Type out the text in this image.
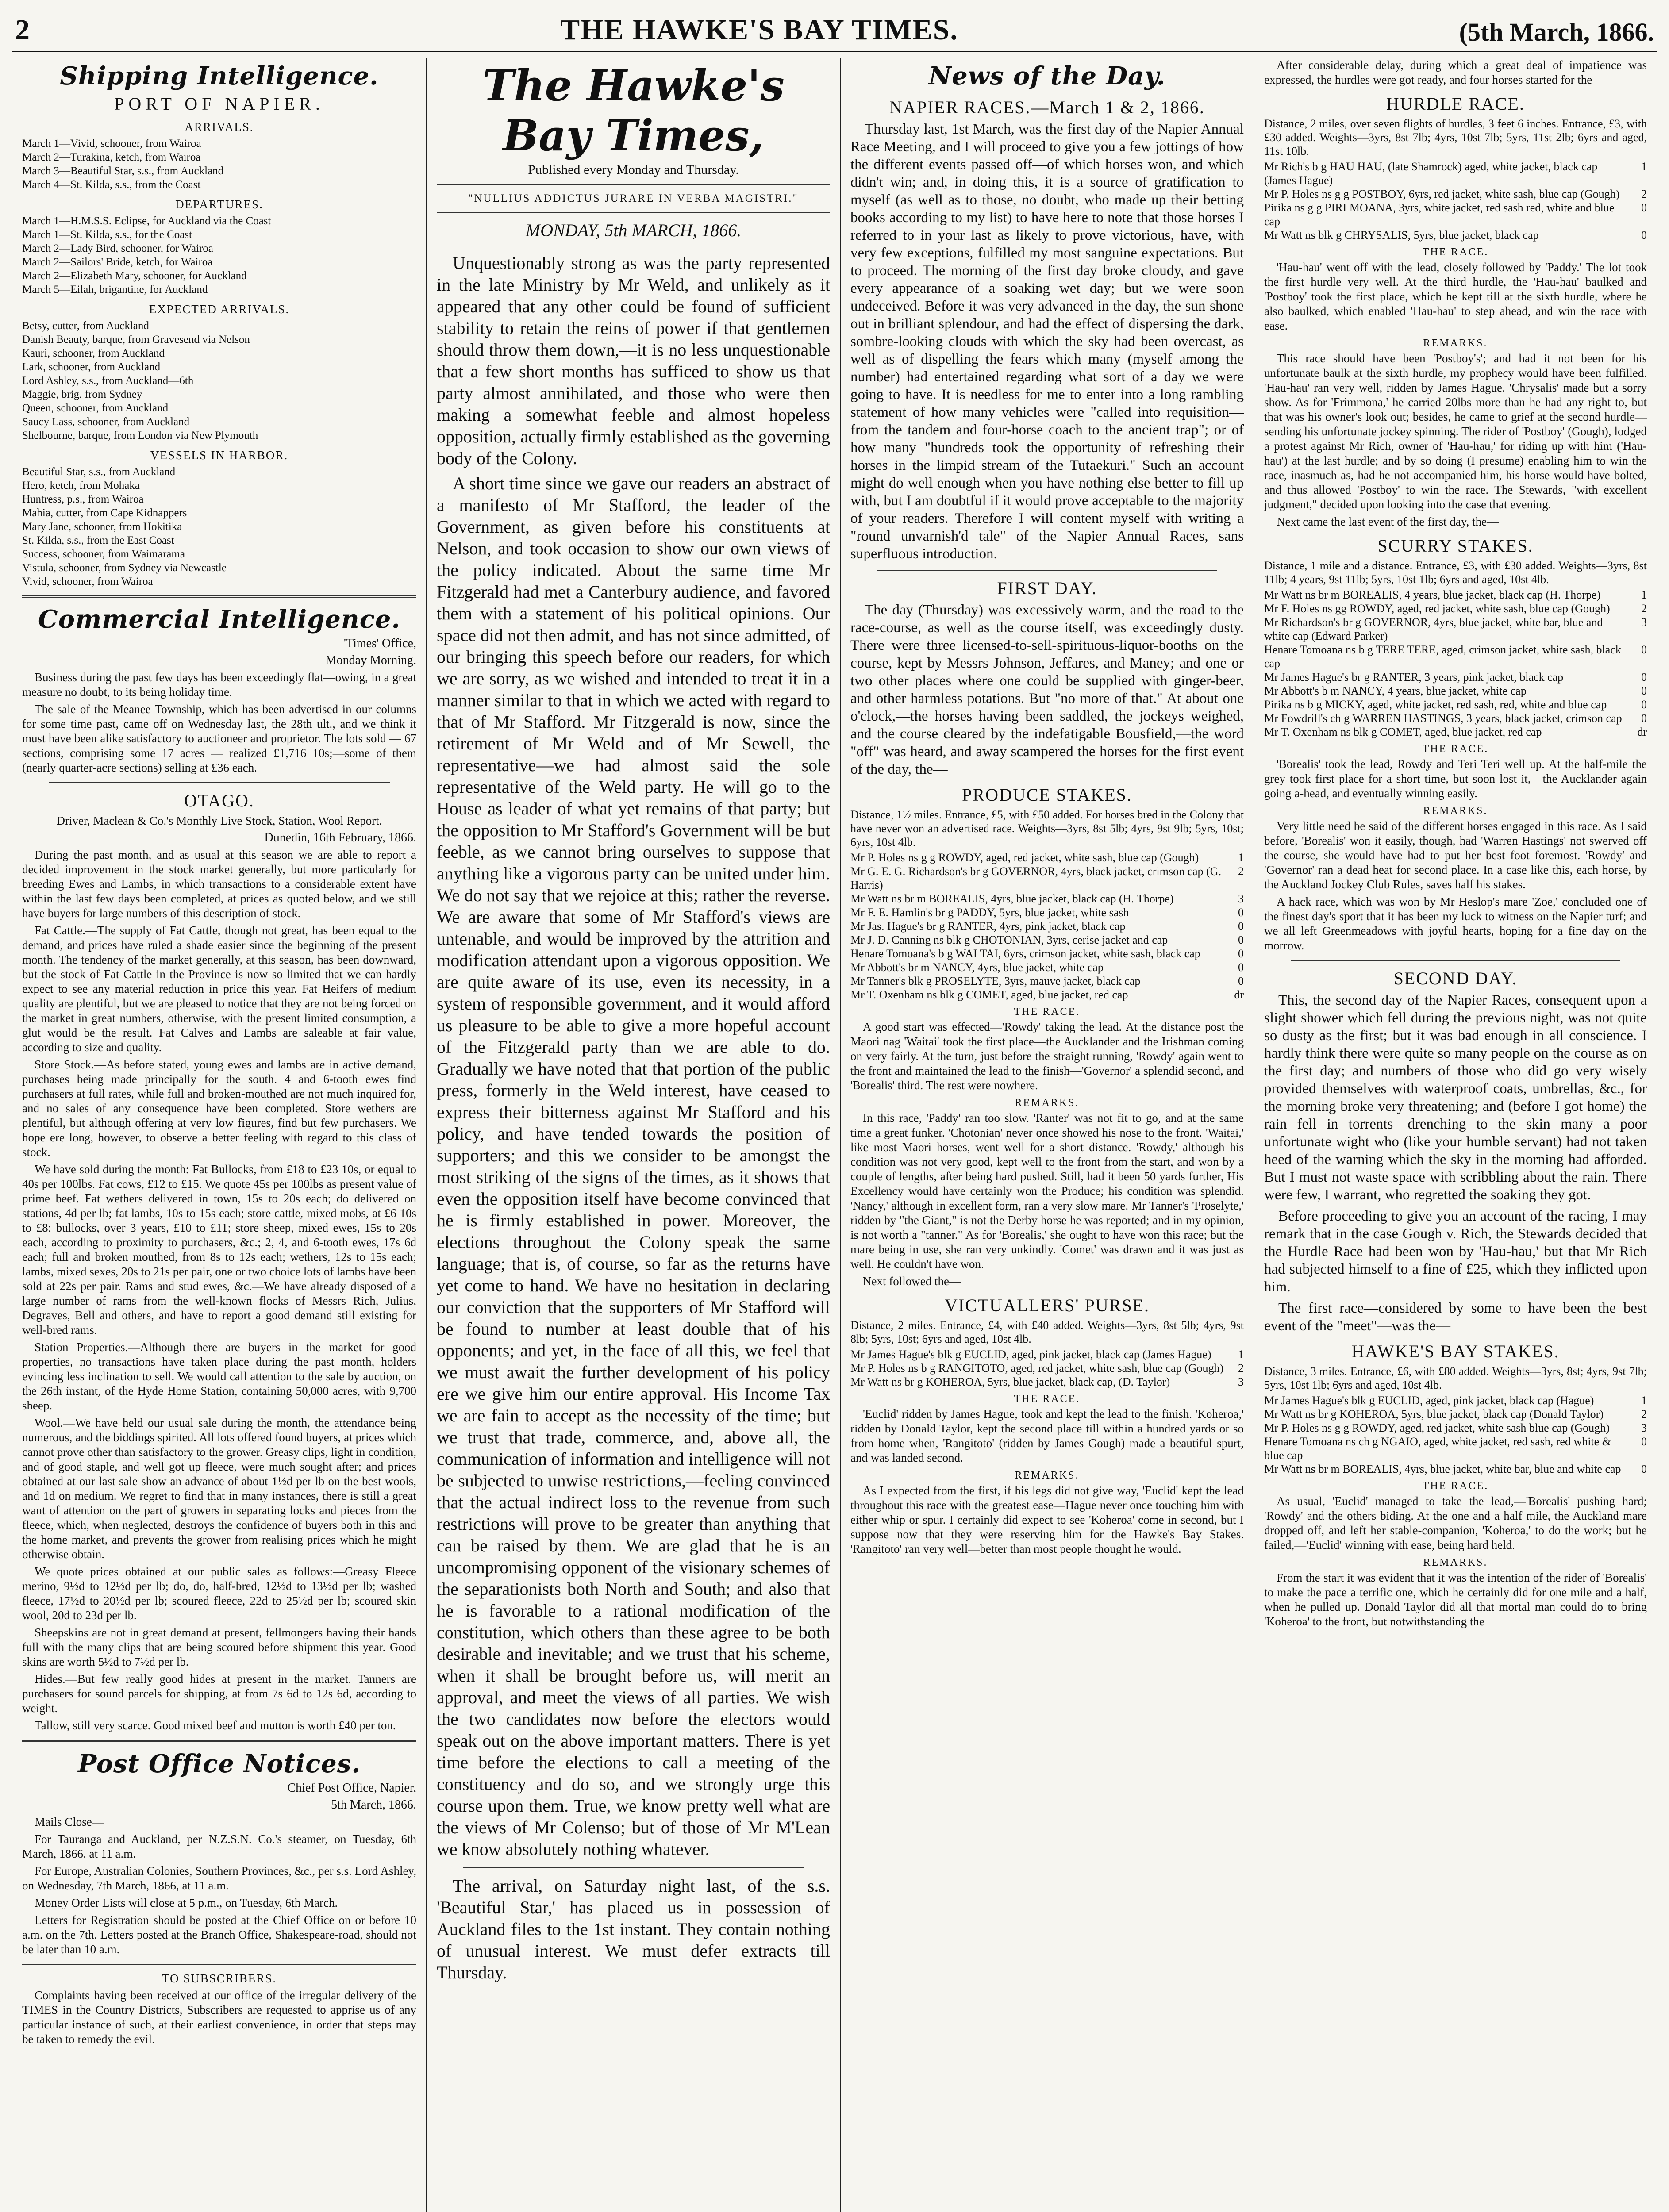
2	THE HAWKE'S BAY TIMES.	(5th March, 1866.
Shipping Intelligence.
PORT OF NAPIER.
ARRIVALS.

March 1—Vivid, schooner, from Wairoa

March 2—Turakina, ketch, from Wairoa

March 3—Beautiful Star, s.s., from Auckland

March 4—St. Kilda, s.s., from the Coast

DEPARTURES.

March 1—H.M.S.S. Eclipse, for Auckland via the Coast

March 1—St. Kilda, s.s., for the Coast

March 2—Lady Bird, schooner, for Wairoa

March 2—Sailors' Bride, ketch, for Wairoa

March 2—Elizabeth Mary, schooner, for Auckland

March 5—Eilah, brigantine, for Auckland

EXPECTED ARRIVALS.

Betsy, cutter, from Auckland

Danish Beauty, barque, from Gravesend via Nelson

Kauri, schooner, from Auckland

Lark, schooner, from Auckland

Lord Ashley, s.s., from Auckland—6th

Maggie, brig, from Sydney

Queen, schooner, from Auckland

Saucy Lass, schooner, from Auckland

Shelbourne, barque, from London via New Plymouth

VESSELS IN HARBOR.

Beautiful Star, s.s., from Auckland

Hero, ketch, from Mohaka

Huntress, p.s., from Wairoa

Mahia, cutter, from Cape Kidnappers

Mary Jane, schooner, from Hokitika

St. Kilda, s.s., from the East Coast

Success, schooner, from Waimarama

Vistula, schooner, from Sydney via Newcastle

Vivid, schooner, from Wairoa

Commercial Intelligence.

'Times' Office,

Monday Morning.

Business during the past few days has been exceedingly flat—owing, in a great measure no doubt, to its being holiday time.

The sale of the Meanee Township, which has been advertised in our columns for some time past, came off on Wednesday last, the 28th ult., and we think it must have been alike satisfactory to auctioneer and proprietor. The lots sold — 67 sections, comprising some 17 acres — realized £1,716 10s;—some of them (nearly quarter-acre sections) selling at £36 each.

OTAGO.

Driver, Maclean & Co.'s Monthly Live Stock, Station, Wool Report.

Dunedin, 16th February, 1866.

During the past month, and as usual at this season we are able to report a decided improvement in the stock market generally, but more particularly for breeding Ewes and Lambs, in which transactions to a considerable extent have within the last few days been completed, at prices as quoted below, and we still have buyers for large numbers of this description of stock.

Fat Cattle.—The supply of Fat Cattle, though not great, has been equal to the demand, and prices have ruled a shade easier since the beginning of the present month. The tendency of the market generally, at this season, has been downward, but the stock of Fat Cattle in the Province is now so limited that we can hardly expect to see any material reduction in price this year. Fat Heifers of medium quality are plentiful, but we are pleased to notice that they are not being forced on the market in great numbers, otherwise, with the present limited consumption, a glut would be the result. Fat Calves and Lambs are saleable at fair value, according to size and quality.

Store Stock.—As before stated, young ewes and lambs are in active demand, purchases being made principally for the south. 4 and 6-tooth ewes find purchasers at full rates, while full and broken-mouthed are not much inquired for, and no sales of any consequence have been completed. Store wethers are plentiful, but although offering at very low figures, find but few purchasers. We hope ere long, however, to observe a better feeling with regard to this class of stock.

We have sold during the month: Fat Bullocks, from £18 to £23 10s, or equal to 40s per 100lbs. Fat cows, £12 to £15. We quote 45s per 100lbs as present value of prime beef. Fat wethers delivered in town, 15s to 20s each; do delivered on stations, 4d per lb; fat lambs, 10s to 15s each; store cattle, mixed mobs, at £6 10s to £8; bullocks, over 3 years, £10 to £11; store sheep, mixed ewes, 15s to 20s each, according to proximity to purchasers, &c.; 2, 4, and 6-tooth ewes, 17s 6d each; full and broken mouthed, from 8s to 12s each; wethers, 12s to 15s each; lambs, mixed sexes, 20s to 21s per pair, one or two choice lots of lambs have been sold at 22s per pair. Rams and stud ewes, &c.—We have already disposed of a large number of rams from the well-known flocks of Messrs Rich, Julius, Degraves, Bell and others, and have to report a good demand still existing for well-bred rams.

Station Properties.—Although there are buyers in the market for good properties, no transactions have taken place during the past month, holders evincing less inclination to sell. We would call attention to the sale by auction, on the 26th instant, of the Hyde Home Station, containing 50,000 acres, with 9,700 sheep.

Wool.—We have held our usual sale during the month, the attendance being numerous, and the biddings spirited. All lots offered found buyers, at prices which cannot prove other than satisfactory to the grower. Greasy clips, light in condition, and of good staple, and well got up fleece, were much sought after; and prices obtained at our last sale show an advance of about 1½d per lb on the best wools, and 1d on medium. We regret to find that in many instances, there is still a great want of attention on the part of growers in separating locks and pieces from the fleece, which, when neglected, destroys the confidence of buyers both in this and the home market, and prevents the grower from realising prices which he might otherwise obtain.

We quote prices obtained at our public sales as follows:—Greasy Fleece merino, 9½d to 12½d per lb; do, do, half-bred, 12½d to 13½d per lb; washed fleece, 17½d to 20½d per lb; scoured fleece, 22d to 25½d per lb; scoured skin wool, 20d to 23d per lb.

Sheepskins are not in great demand at present, fellmongers having their hands full with the many clips that are being scoured before shipment this year. Good skins are worth 5½d to 7½d per lb.

Hides.—But few really good hides at present in the market. Tanners are purchasers for sound parcels for shipping, at from 7s 6d to 12s 6d, according to weight.

Tallow, still very scarce. Good mixed beef and mutton is worth £40 per ton.

Post Office Notices.

Chief Post Office, Napier,

5th March, 1866.

Mails Close—

For Tauranga and Auckland, per N.Z.S.N. Co.'s steamer, on Tuesday, 6th March, 1866, at 11 a.m.

For Europe, Australian Colonies, Southern Provinces, &c., per s.s. Lord Ashley, on Wednesday, 7th March, 1866, at 11 a.m.

Money Order Lists will close at 5 p.m., on Tuesday, 6th March.

Letters for Registration should be posted at the Chief Office on or before 10 a.m. on the 7th. Letters posted at the Branch Office, Shakespeare-road, should not be later than 10 a.m.

TO SUBSCRIBERS.

Complaints having been received at our office of the irregular delivery of the TIMES in the Country Districts, Subscribers are requested to apprise us of any particular instance of such, at their earliest convenience, in order that steps may be taken to remedy the evil.

The Hawke's Bay Times,
Published every Monday and Thursday.
"NULLIUS ADDICTUS JURARE IN VERBA MAGISTRI."
MONDAY, 5th MARCH, 1866.

Unquestionably strong as was the party represented in the late Ministry by Mr Weld, and unlikely as it appeared that any other could be found of sufficient stability to retain the reins of power if that gentlemen should throw them down,—it is no less unquestionable that a few short months has sufficed to show us that party almost annihilated, and those who were then making a somewhat feeble and almost hopeless opposition, actually firmly established as the governing body of the Colony.

A short time since we gave our readers an abstract of a manifesto of Mr Stafford, the leader of the Government, as given before his constituents at Nelson, and took occasion to show our own views of the policy indicated. About the same time Mr Fitzgerald had met a Canterbury audience, and favored them with a statement of his political opinions. Our space did not then admit, and has not since admitted, of our bringing this speech before our readers, for which we are sorry, as we wished and intended to treat it in a manner similar to that in which we acted with regard to that of Mr Stafford. Mr Fitzgerald is now, since the retirement of Mr Weld and of Mr Sewell, the representative—we had almost said the sole representative of the Weld party. He will go to the House as leader of what yet remains of that party; but the opposition to Mr Stafford's Government will be but feeble, as we cannot bring ourselves to suppose that anything like a vigorous party can be united under him. We do not say that we rejoice at this; rather the reverse. We are aware that some of Mr Stafford's views are untenable, and would be improved by the attrition and modification attendant upon a vigorous opposition. We are quite aware of its use, even its necessity, in a system of responsible government, and it would afford us pleasure to be able to give a more hopeful account of the Fitzgerald party than we are able to do. Gradually we have noted that that portion of the public press, formerly in the Weld interest, have ceased to express their bitterness against Mr Stafford and his policy, and have tended towards the position of supporters; and this we consider to be amongst the most striking of the signs of the times, as it shows that even the opposition itself have become convinced that he is firmly established in power. Moreover, the elections throughout the Colony speak the same language; that is, of course, so far as the returns have yet come to hand. We have no hesitation in declaring our conviction that the supporters of Mr Stafford will be found to number at least double that of his opponents; and yet, in the face of all this, we feel that we must await the further development of his policy ere we give him our entire approval. His Income Tax we are fain to accept as the necessity of the time; but we trust that trade, commerce, and, above all, the communication of information and intelligence will not be subjected to unwise restrictions,—feeling convinced that the actual indirect loss to the revenue from such restrictions will prove to be greater than anything that can be raised by them. We are glad that he is an uncompromising opponent of the visionary schemes of the separationists both North and South; and also that he is favorable to a rational modification of the constitution, which others than these agree to be both desirable and inevitable; and we trust that his scheme, when it shall be brought before us, will merit an approval, and meet the views of all parties. We wish the two candidates now before the electors would speak out on the above important matters. There is yet time before the elections to call a meeting of the constituency and do so, and we strongly urge this course upon them. True, we know pretty well what are the views of Mr Colenso; but of those of Mr M'Lean we know absolutely nothing whatever.

The arrival, on Saturday night last, of the s.s. 'Beautiful Star,' has placed us in possession of Auckland files to the 1st instant. They contain nothing of unusual interest. We must defer extracts till Thursday.

News of the Day.
NAPIER RACES.—March 1 & 2, 1866.

Thursday last, 1st March, was the first day of the Napier Annual Race Meeting, and I will proceed to give you a few jottings of how the different events passed off—of which horses won, and which didn't win; and, in doing this, it is a source of gratification to myself (as well as to those, no doubt, who made up their betting books according to my list) to have here to note that those horses I referred to in your last as likely to prove victorious, have, with very few exceptions, fulfilled my most sanguine expectations. But to proceed. The morning of the first day broke cloudy, and gave every appearance of a soaking wet day; but we were soon undeceived. Before it was very advanced in the day, the sun shone out in brilliant splendour, and had the effect of dispersing the dark, sombre-looking clouds with which the sky had been overcast, as well as of dispelling the fears which many (myself among the number) had entertained regarding what sort of a day we were going to have. It is needless for me to enter into a long rambling statement of how many vehicles were "called into requisition—from the tandem and four-horse coach to the ancient trap"; or of how many "hundreds took the opportunity of refreshing their horses in the limpid stream of the Tutaekuri." Such an account might do well enough when you have nothing else better to fill up with, but I am doubtful if it would prove acceptable to the majority of your readers. Therefore I will content myself with writing a "round unvarnish'd tale" of the Napier Annual Races, sans superfluous introduction.

FIRST DAY.

The day (Thursday) was excessively warm, and the road to the race-course, as well as the course itself, was exceedingly dusty. There were three licensed-to-sell-spirituous-liquor-booths on the course, kept by Messrs Johnson, Jeffares, and Maney; and one or two other places where one could be supplied with ginger-beer, and other harmless potations. But "no more of that." At about one o'clock,—the horses having been saddled, the jockeys weighed, and the course cleared by the indefatigable Bousfield,—the word "off" was heard, and away scampered the horses for the first event of the day, the—

PRODUCE STAKES.

Distance, 1½ miles. Entrance, £5, with £50 added. For horses bred in the Colony that have never won an advertised race. Weights—3yrs, 8st 5lb; 4yrs, 9st 9lb; 5yrs, 10st; 6yrs, 10st 4lb.

Mr P. Holes ns g g ROWDY, aged, red jacket, white sash, blue cap (Gough)	1
Mr G. E. G. Richardson's br g GOVERNOR, 4yrs, black jacket, crimson cap (G. Harris)
2
Mr Watt ns br m BOREALIS, 4yrs, blue jacket, black cap (H. Thorpe)	3
Mr F. E. Hamlin's br g PADDY, 5yrs, blue jacket, white sash	0
Mr Jas. Hague's br g RANTER, 4yrs, pink jacket, black cap	0
Mr J. D. Canning ns blk g CHOTONIAN, 3yrs, cerise jacket and cap	0
Henare Tomoana's b g WAI TAI, 6yrs, crimson jacket, white sash, black cap	0
Mr Abbott's br m NANCY, 4yrs, blue jacket, white cap	0
Mr Tanner's blk g PROSELYTE, 3yrs, mauve jacket, black cap	0
Mr T. Oxenham ns blk g COMET, aged, blue jacket, red cap	dr
THE RACE.

A good start was effected—'Rowdy' taking the lead. At the distance post the Maori nag 'Waitai' took the first place—the Aucklander and the Irishman coming on very fairly. At the turn, just before the straight running, 'Rowdy' again went to the front and maintained the lead to the finish—'Governor' a splendid second, and 'Borealis' third. The rest were nowhere.

REMARKS.

In this race, 'Paddy' ran too slow. 'Ranter' was not fit to go, and at the same time a great funker. 'Chotonian' never once showed his nose to the front. 'Waitai,' like most Maori horses, went well for a short distance. 'Rowdy,' although his condition was not very good, kept well to the front from the start, and won by a couple of lengths, after being hard pushed. Still, had it been 50 yards further, His Excellency would have certainly won the Produce; his condition was splendid. 'Nancy,' although in excellent form, ran a very slow mare. Mr Tanner's 'Proselyte,' ridden by "the Giant," is not the Derby horse he was reported; and in my opinion, is not worth a "tanner." As for 'Borealis,' she ought to have won this race; but the mare being in use, she ran very unkindly. 'Comet' was drawn and it was just as well. He couldn't have won.

Next followed the—

VICTUALLERS' PURSE.

Distance, 2 miles. Entrance, £4, with £40 added. Weights—3yrs, 8st 5lb; 4yrs, 9st 8lb; 5yrs, 10st; 6yrs and aged, 10st 4lb.

Mr James Hague's blk g EUCLID, aged, pink jacket, black cap (James Hague)	1
Mr P. Holes ns b g RANGITOTO, aged, red jacket, white sash, blue cap (Gough)	2
Mr Watt ns br g KOHEROA, 5yrs, blue jacket, black cap, (D. Taylor)	3
THE RACE.

'Euclid' ridden by James Hague, took and kept the lead to the finish. 'Koheroa,' ridden by Donald Taylor, kept the second place till within a hundred yards or so from home when, 'Rangitoto' (ridden by James Gough) made a beautiful spurt, and was landed second.

REMARKS.

As I expected from the first, if his legs did not give way, 'Euclid' kept the lead throughout this race with the greatest ease—Hague never once touching him with either whip or spur. I certainly did expect to see 'Koheroa' come in second, but I suppose now that they were reserving him for the Hawke's Bay Stakes. 'Rangitoto' ran very well—better than most people thought he would.

After considerable delay, during which a great deal of impatience was expressed, the hurdles were got ready, and four horses started for the—

HURDLE RACE.

Distance, 2 miles, over seven flights of hurdles, 3 feet 6 inches. Entrance, £3, with £30 added. Weights—3yrs, 8st 7lb; 4yrs, 10st 7lb; 5yrs, 11st 2lb; 6yrs and aged, 11st 10lb.

Mr Rich's b g HAU HAU, (late Shamrock) aged, white jacket, black cap (James Hague)
1
Mr P. Holes ns g g POSTBOY, 6yrs, red jacket, white sash, blue cap (Gough)	2
Pirika ns g g PIRI MOANA, 3yrs, white jacket, red sash red, white and blue cap
0
Mr Watt ns blk g CHRYSALIS, 5yrs, blue jacket, black cap	0
THE RACE.

'Hau-hau' went off with the lead, closely followed by 'Paddy.' The lot took the first hurdle very well. At the third hurdle, the 'Hau-hau' baulked and 'Postboy' took the first place, which he kept till at the sixth hurdle, where he also baulked, which enabled 'Hau-hau' to step ahead, and win the race with ease.

REMARKS.

This race should have been 'Postboy's'; and had it not been for his unfortunate baulk at the sixth hurdle, my prophecy would have been fulfilled. 'Hau-hau' ran very well, ridden by James Hague. 'Chrysalis' made but a sorry show. As for 'Frimmona,' he carried 20lbs more than he had any right to, but that was his owner's look out; besides, he came to grief at the second hurdle—sending his unfortunate jockey spinning. The rider of 'Postboy' (Gough), lodged a protest against Mr Rich, owner of 'Hau-hau,' for riding up with him ('Hau-hau') at the last hurdle; and by so doing (I presume) enabling him to win the race, inasmuch as, had he not accompanied him, his horse would have bolted, and thus allowed 'Postboy' to win the race. The Stewards, "with excellent judgment," decided upon looking into the case that evening.

Next came the last event of the first day, the—

SCURRY STAKES.

Distance, 1 mile and a distance. Entrance, £3, with £30 added. Weights—3yrs, 8st 11lb; 4 years, 9st 11lb; 5yrs, 10st 1lb; 6yrs and aged, 10st 4lb.

Mr Watt ns br m BOREALIS, 4 years, blue jacket, black cap (H. Thorpe)	1
Mr F. Holes ns gg ROWDY, aged, red jacket, white sash, blue cap (Gough)	2
Mr Richardson's br g GOVERNOR, 4yrs, blue jacket, white bar, blue and white cap (Edward Parker)
3
Henare Tomoana ns b g TERE TERE, aged, crimson jacket, white sash, black cap
0
Mr James Hague's br g RANTER, 3 years, pink jacket, black cap	0
Mr Abbott's b m NANCY, 4 years, blue jacket, white cap	0
Pirika ns b g MICKY, aged, white jacket, red sash, red, white and blue cap	0
Mr Fowdrill's ch g WARREN HASTINGS, 3 years, black jacket, crimson cap	0
Mr T. Oxenham ns blk g COMET, aged, blue jacket, red cap	dr
THE RACE.

'Borealis' took the lead, Rowdy and Teri Teri well up. At the half-mile the grey took first place for a short time, but soon lost it,—the Aucklander again going a-head, and eventually winning easily.

REMARKS.

Very little need be said of the different horses engaged in this race. As I said before, 'Borealis' won it easily, though, had 'Warren Hastings' not swerved off the course, she would have had to put her best foot foremost. 'Rowdy' and 'Governor' ran a dead heat for second place. In a case like this, each horse, by the Auckland Jockey Club Rules, saves half his stakes.

A hack race, which was won by Mr Heslop's mare 'Zoe,' concluded one of the finest day's sport that it has been my luck to witness on the Napier turf; and we all left Greenmeadows with joyful hearts, hoping for a fine day on the morrow.

SECOND DAY.

This, the second day of the Napier Races, consequent upon a slight shower which fell during the previous night, was not quite so dusty as the first; but it was bad enough in all conscience. I hardly think there were quite so many people on the course as on the first day; and numbers of those who did go very wisely provided themselves with waterproof coats, umbrellas, &c., for the morning broke very threatening; and (before I got home) the rain fell in torrents—drenching to the skin many a poor unfortunate wight who (like your humble servant) had not taken heed of the warning which the sky in the morning had afforded. But I must not waste space with scribbling about the rain. There were few, I warrant, who regretted the soaking they got.

Before proceeding to give you an account of the racing, I may remark that in the case Gough v. Rich, the Stewards decided that the Hurdle Race had been won by 'Hau-hau,' but that Mr Rich had subjected himself to a fine of £25, which they inflicted upon him.

The first race—considered by some to have been the best event of the "meet"—was the—

HAWKE'S BAY STAKES.

Distance, 3 miles. Entrance, £6, with £80 added. Weights—3yrs, 8st; 4yrs, 9st 7lb; 5yrs, 10st 1lb; 6yrs and aged, 10st 4lb.

Mr James Hague's blk g EUCLID, aged, pink jacket, black cap (Hague)	1
Mr Watt ns br g KOHEROA, 5yrs, blue jacket, black cap (Donald Taylor)	2
Mr P. Holes ns g g ROWDY, aged, red jacket, white sash blue cap (Gough)	3
Henare Tomoana ns ch g NGAIO, aged, white jacket, red sash, red white & blue cap
0
Mr Watt ns br m BOREALIS, 4yrs, blue jacket, white bar, blue and white cap	0
THE RACE.

As usual, 'Euclid' managed to take the lead,—'Borealis' pushing hard; 'Rowdy' and the others biding. At the one and a half mile, the Auckland mare dropped off, and left her stable-companion, 'Koheroa,' to do the work; but he failed,—'Euclid' winning with ease, being hard held.

REMARKS.

From the start it was evident that it was the intention of the rider of 'Borealis' to make the pace a terrific one, which he certainly did for one mile and a half, when he pulled up. Donald Taylor did all that mortal man could do to bring 'Koheroa' to the front, but notwithstanding the
